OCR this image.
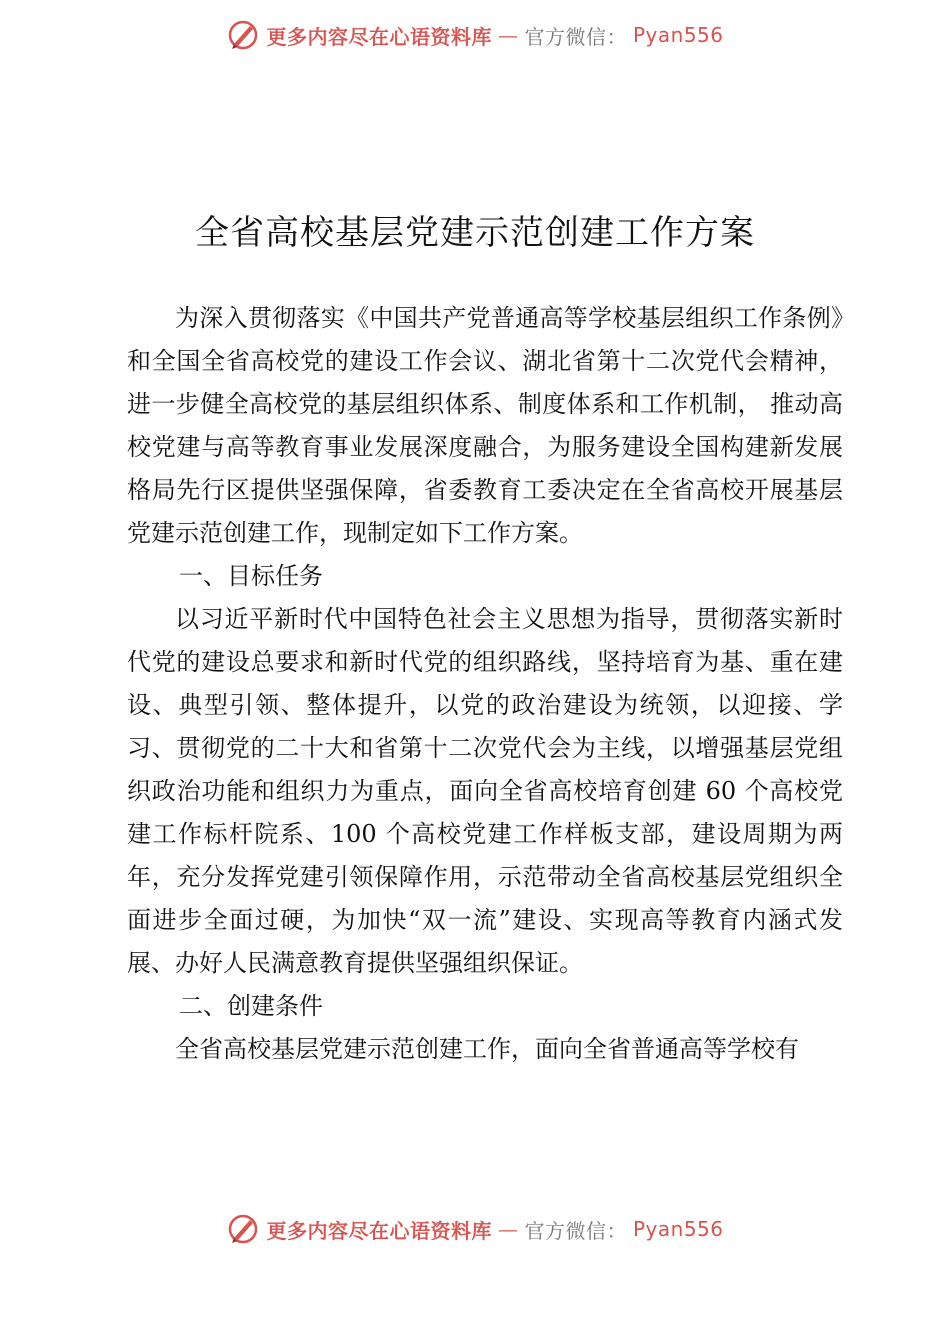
更多内容尽在心语资料库 — 官方微信： Pyan556
全省高校基层党建示范创建工作方案

为深入贯彻落实《中国共产党普通高等学校基层组织工作条例》和全国全省高校党的建设工作会议、湖北省第十二次党代会精神，进一步健全高校党的基层组织体系、制度体系和工作机制， 推动高校党建与高等教育事业发展深度融合，为服务建设全国构建新发展格局先行区提供坚强保障，省委教育工委决定在全省高校开展基层党建示范创建工作，现制定如下工作方案。

一、目标任务

以习近平新时代中国特色社会主义思想为指导，贯彻落实新时代党的建设总要求和新时代党的组织路线，坚持培育为基、重在建设、典型引领、整体提升，以党的政治建设为统领，以迎接、学习、贯彻党的二十大和省第十二次党代会为主线，以增强基层党组织政治功能和组织力为重点，面向全省高校培育创建 60 个高校党建工作标杆院系、100 个高校党建工作样板支部，建设周期为两年，充分发挥党建引领保障作用，示范带动全省高校基层党组织全面进步全面过硬，为加快“双一流”建设、实现高等教育内涵式发展、办好人民满意教育提供坚强组织保证。

二、创建条件

全省高校基层党建示范创建工作，面向全省普通高等学校有

更多内容尽在心语资料库 — 官方微信： Pyan556
